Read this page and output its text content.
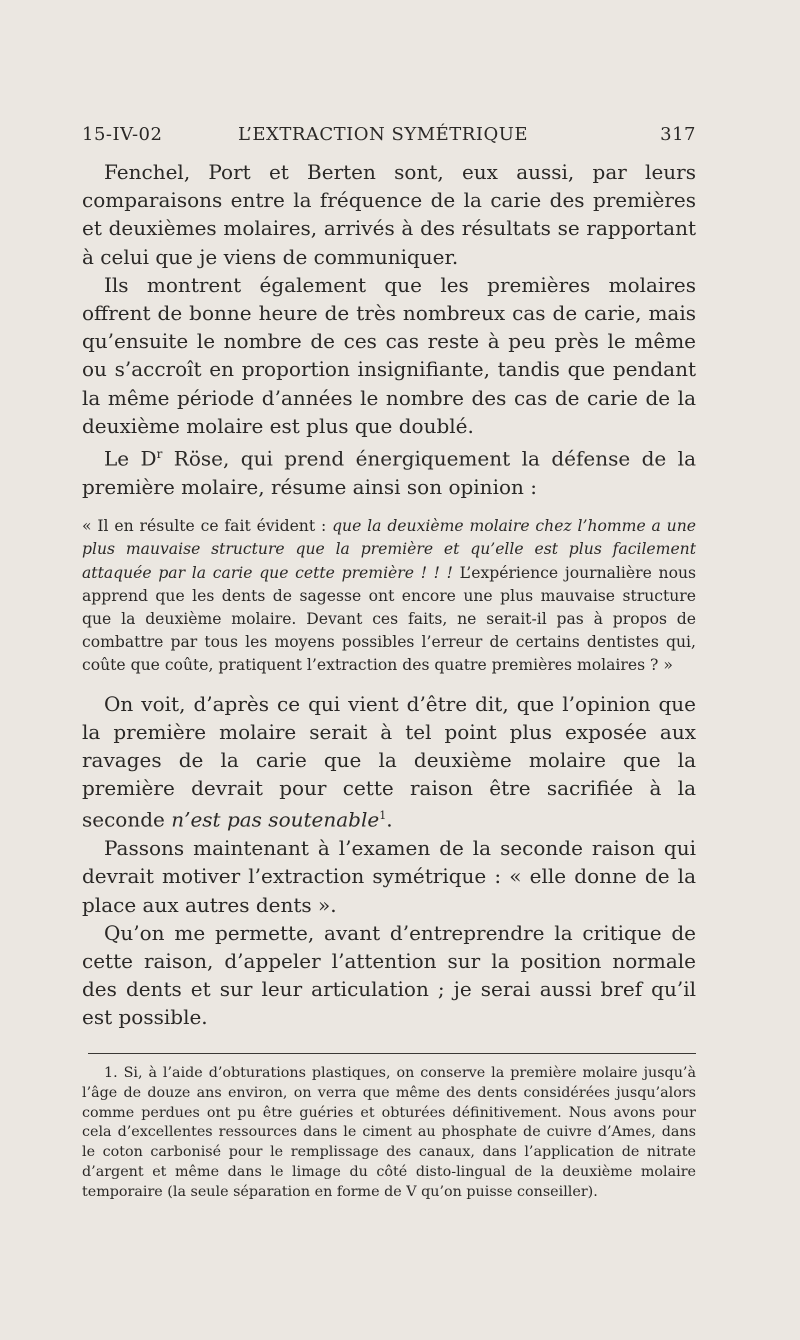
15-IV-02	L’EXTRACTION SYMÉTRIQUE	317

Fenchel, Port et Berten sont, eux aussi, par leurs comparaisons entre la fréquence de la carie des premières et deuxièmes molaires, arrivés à des résultats se rapportant à celui que je viens de communiquer.

Ils montrent également que les premières molaires offrent de bonne heure de très nombreux cas de carie, mais qu’ensuite le nombre de ces cas reste à peu près le même ou s’accroît en proportion insignifiante, tandis que pendant la même période d’années le nombre des cas de carie de la deuxième molaire est plus que doublé.

Le $D^r$ Röse, qui prend énergiquement la défense de la première molaire, résume ainsi son opinion :

« Il en résulte ce fait évident : que la deuxième molaire chez l’homme a une plus mauvaise structure que la première et qu’elle est plus facilement attaquée par la carie que cette première ! ! ! L’expérience journalière nous apprend que les dents de sagesse ont encore une plus mauvaise structure que la deuxième molaire. Devant ces faits, ne serait-il pas à propos de combattre par tous les moyens possibles l’erreur de certains dentistes qui, coûte que coûte, pratiquent l’extraction des quatre premières molaires ? »

On voit, d’après ce qui vient d’être dit, que l’opinion que la première molaire serait à tel point plus exposée aux ravages de la carie que la deuxième molaire que la première devrait pour cette raison être sacrifiée à la seconde n’est pas soutenable$^1$.

Passons maintenant à l’examen de la seconde raison qui devrait motiver l’extraction symétrique : « elle donne de la place aux autres dents ».

Qu’on me permette, avant d’entreprendre la critique de cette raison, d’appeler l’attention sur la position normale des dents et sur leur articulation ; je serai aussi bref qu’il est possible.

1. Si, à l’aide d’obturations plastiques, on conserve la première molaire jusqu’à l’âge de douze ans environ, on verra que même des dents considérées jusqu’alors comme perdues ont pu être guéries et obturées définitivement. Nous avons pour cela d’excellentes ressources dans le ciment au phosphate de cuivre d’Ames, dans le coton carbonisé pour le remplissage des canaux, dans l’application de nitrate d’argent et même dans le limage du côté disto-lingual de la deuxième molaire temporaire (la seule séparation en forme de V qu’on puisse conseiller).
